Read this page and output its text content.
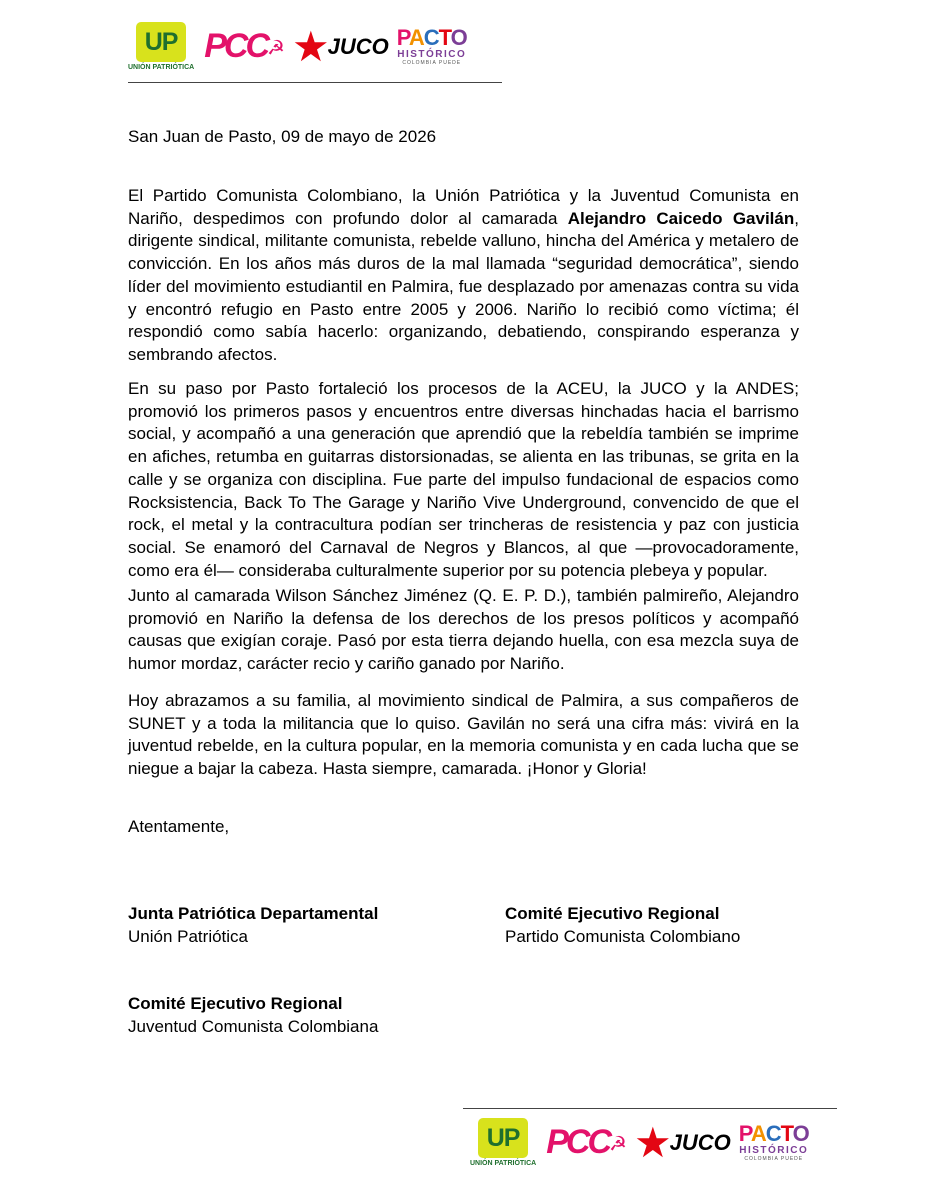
UP
UNIÓN PATRIÓTICA
PCC☭ ★
JUCO PACTO
HISTÓRICO
COLOMBIA PUEDE
San Juan de Pasto, 09 de mayo de 2026

El Partido Comunista Colombiano, la Unión Patriótica y la Juventud Comunista en Nariño, despedimos con profundo dolor al camarada Alejandro Caicedo Gavilán, dirigente sindical, militante comunista, rebelde valluno, hincha del América y metalero de convicción. En los años más duros de la mal llamada “seguridad democrática”, siendo líder del movimiento estudiantil en Palmira, fue desplazado por amenazas contra su vida y encontró refugio en Pasto entre 2005 y 2006. Nariño lo recibió como víctima; él respondió como sabía hacerlo: organizando, debatiendo, conspirando esperanza y sembrando afectos.

En su paso por Pasto fortaleció los procesos de la ACEU, la JUCO y la ANDES; promovió los primeros pasos y encuentros entre diversas hinchadas hacia el barrismo social, y acompañó a una generación que aprendió que la rebeldía también se imprime en afiches, retumba en guitarras distorsionadas, se alienta en las tribunas, se grita en la calle y se organiza con disciplina. Fue parte del impulso fundacional de espacios como Rocksistencia, Back To The Garage y Nariño Vive Underground, convencido de que el rock, el metal y la contracultura podían ser trincheras de resistencia y paz con justicia social. Se enamoró del Carnaval de Negros y Blancos, al que —provocadoramente, como era él— consideraba culturalmente superior por su potencia plebeya y popular.

Junto al camarada Wilson Sánchez Jiménez (Q. E. P. D.), también palmireño, Alejandro promovió en Nariño la defensa de los derechos de los presos políticos y acompañó causas que exigían coraje. Pasó por esta tierra dejando huella, con esa mezcla suya de humor mordaz, carácter recio y cariño ganado por Nariño.

Hoy abrazamos a su familia, al movimiento sindical de Palmira, a sus compañeros de SUNET y a toda la militancia que lo quiso. Gavilán no será una cifra más: vivirá en la juventud rebelde, en la cultura popular, en la memoria comunista y en cada lucha que se niegue a bajar la cabeza. Hasta siempre, camarada. ¡Honor y Gloria!

Atentamente,
Junta Patriótica Departamental
Unión Patriótica
Comité Ejecutivo Regional
Partido Comunista Colombiano
Comité Ejecutivo Regional
Juventud Comunista Colombiana
UP
UNIÓN PATRIÓTICA
PCC☭ ★
JUCO PACTO
HISTÓRICO
COLOMBIA PUEDE
